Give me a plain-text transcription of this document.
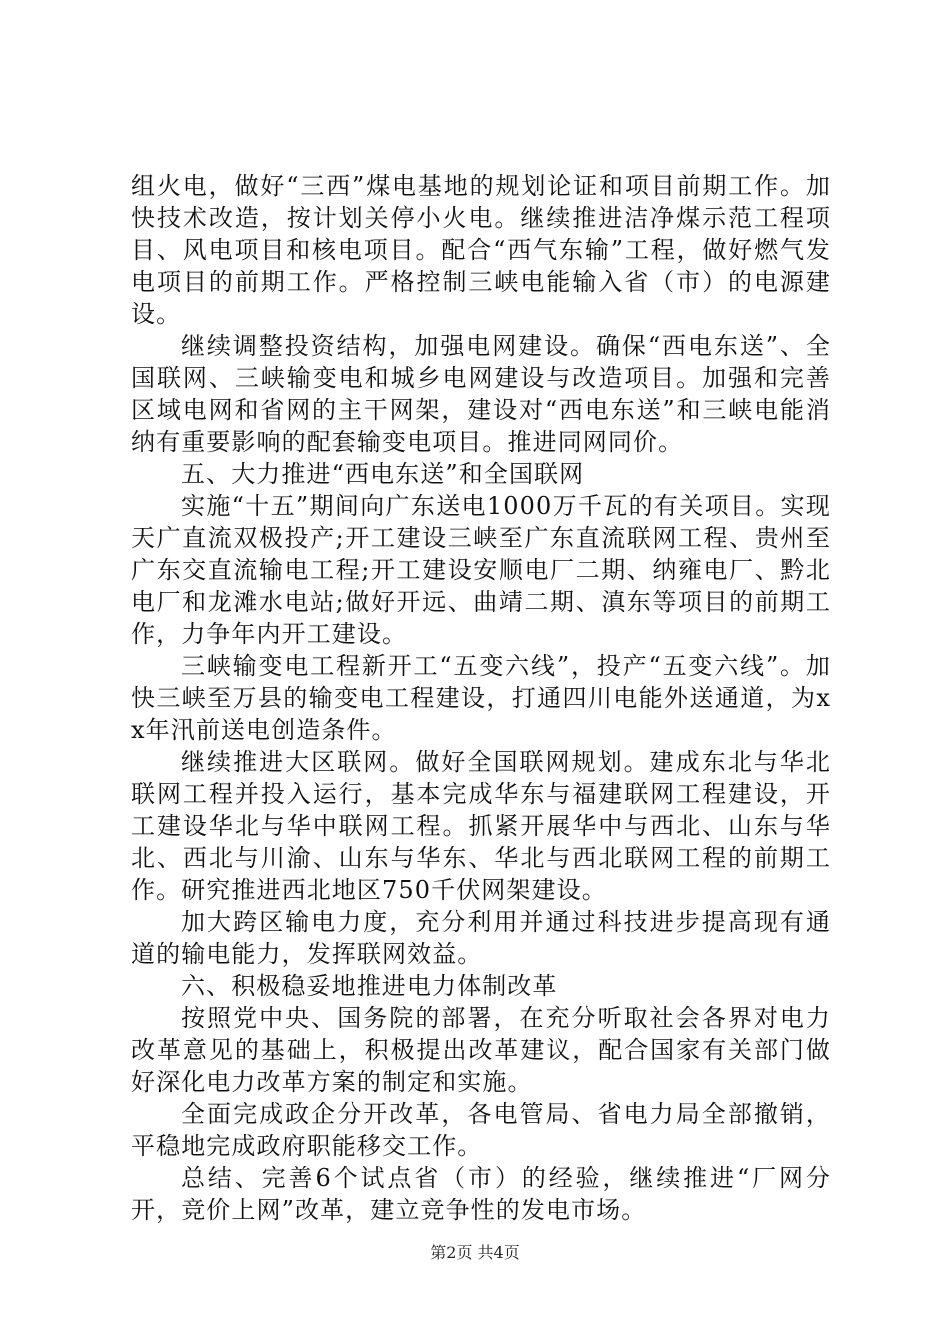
组火电，做好“三西”煤电基地的规划论证和项目前期工作。加快技术改造，按计划关停小火电。继续推进洁净煤示范工程项目、风电项目和核电项目。配合“西气东输”工程，做好燃气发电项目的前期工作。严格控制三峡电能输入省（市）的电源建设。

继续调整投资结构，加强电网建设。确保“西电东送”、全国联网、三峡输变电和城乡电网建设与改造项目。加强和完善区域电网和省网的主干网架，建设对“西电东送”和三峡电能消纳有重要影响的配套输变电项目。推进同网同价。

五、大力推进“西电东送”和全国联网

实施“十五”期间向广东送电1000万千瓦的有关项目。实现天广直流双极投产;开工建设三峡至广东直流联网工程、贵州至广东交直流输电工程;开工建设安顺电厂二期、纳雍电厂、黔北电厂和龙滩水电站;做好开远、曲靖二期、滇东等项目的前期工作，力争年内开工建设。

三峡输变电工程新开工“五变六线”，投产“五变六线”。加快三峡至万县的输变电工程建设，打通四川电能外送通道，为xx年汛前送电创造条件。

继续推进大区联网。做好全国联网规划。建成东北与华北联网工程并投入运行，基本完成华东与福建联网工程建设，开工建设华北与华中联网工程。抓紧开展华中与西北、山东与华北、西北与川渝、山东与华东、华北与西北联网工程的前期工作。研究推进西北地区750千伏网架建设。

加大跨区输电力度，充分利用并通过科技进步提高现有通道的输电能力，发挥联网效益。

六、积极稳妥地推进电力体制改革

按照党中央、国务院的部署，在充分听取社会各界对电力改革意见的基础上，积极提出改革建议，配合国家有关部门做好深化电力改革方案的制定和实施。

全面完成政企分开改革，各电管局、省电力局全部撤销，平稳地完成政府职能移交工作。

总结、完善6个试点省（市）的经验，继续推进“厂网分开，竞价上网”改革，建立竞争性的发电市场。

第2页 共4页
